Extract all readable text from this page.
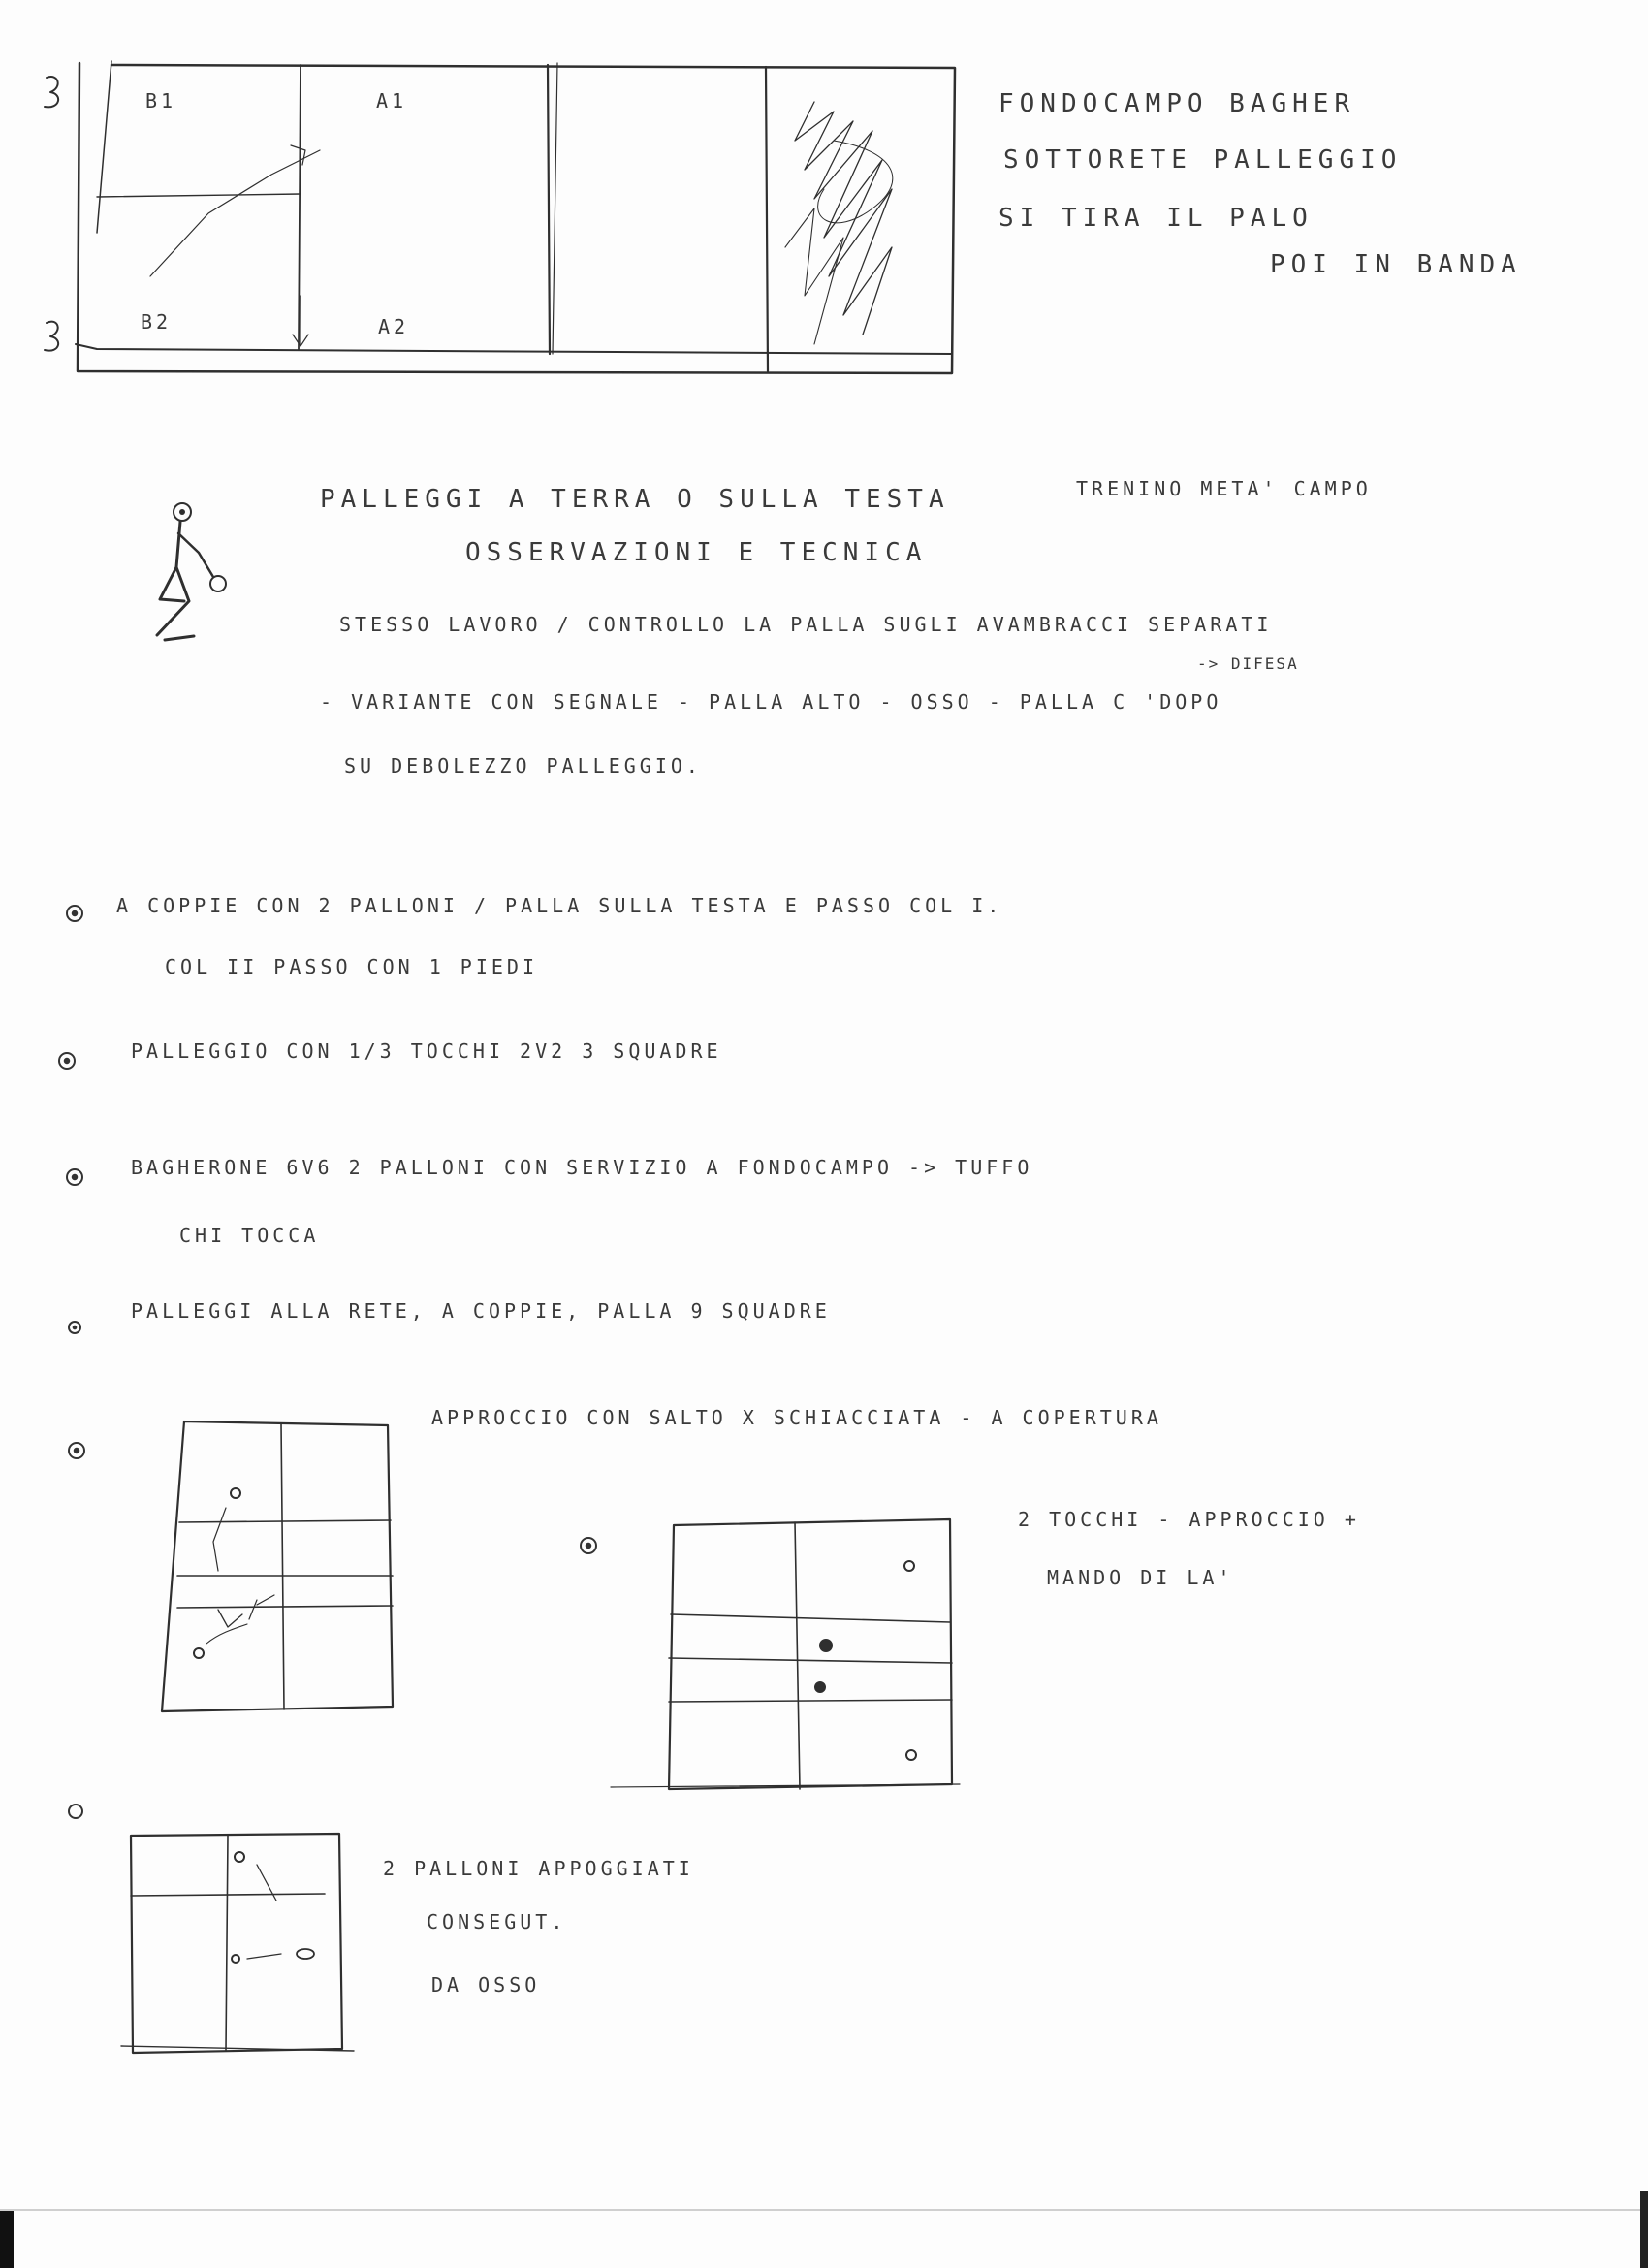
B1	A1
B2	A2
FONDOCAMPO BAGHER
SOTTORETE PALLEGGIO
SI TIRA IL PALO
POI IN BANDA
PALLEGGI A TERRA O SULLA TESTA	TRENINO META' CAMPO
OSSERVAZIONI E TECNICA
STESSO LAVORO / CONTROLLO LA PALLA SUGLI AVAMBRACCI SEPARATI
-> DIFESA
- VARIANTE CON SEGNALE - PALLA ALTO - OSSO - PALLA C 'DOPO
SU DEBOLEZZO PALLEGGIO.
A COPPIE CON 2 PALLONI / PALLA SULLA TESTA E PASSO COL I.
COL II PASSO CON 1 PIEDI
PALLEGGIO CON 1/3 TOCCHI 2V2 3 SQUADRE
BAGHERONE 6V6 2 PALLONI CON SERVIZIO A FONDOCAMPO -> TUFFO
CHI TOCCA
PALLEGGI ALLA RETE, A COPPIE, PALLA 9 SQUADRE
APPROCCIO CON SALTO X SCHIACCIATA - A COPERTURA
2 TOCCHI - APPROCCIO +
MANDO DI LA'
2 PALLONI APPOGGIATI
CONSEGUT.
DA OSSO
